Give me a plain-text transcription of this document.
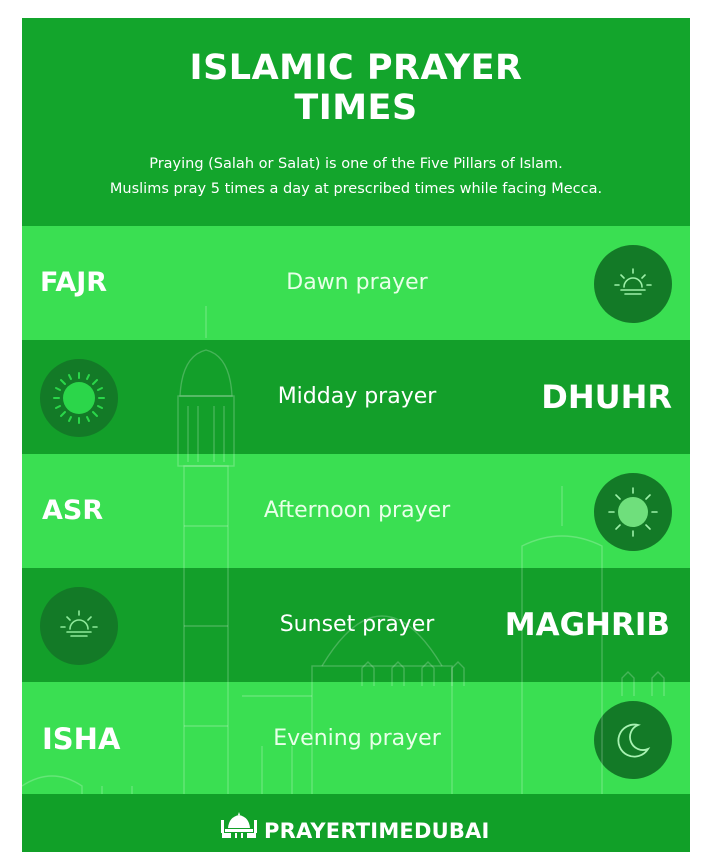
ISLAMIC PRAYER
TIMES
Praying (Salah or Salat) is one of the Five Pillars of Islam.
Muslims pray 5 times a day at prescribed times while facing Mecca.
FAJR	Dawn prayer
Midday prayer	DHUHR
ASR	Afternoon prayer
Sunset prayer	MAGHRIB
ISHA	Evening prayer
PRAYERTIMEDUBAI
